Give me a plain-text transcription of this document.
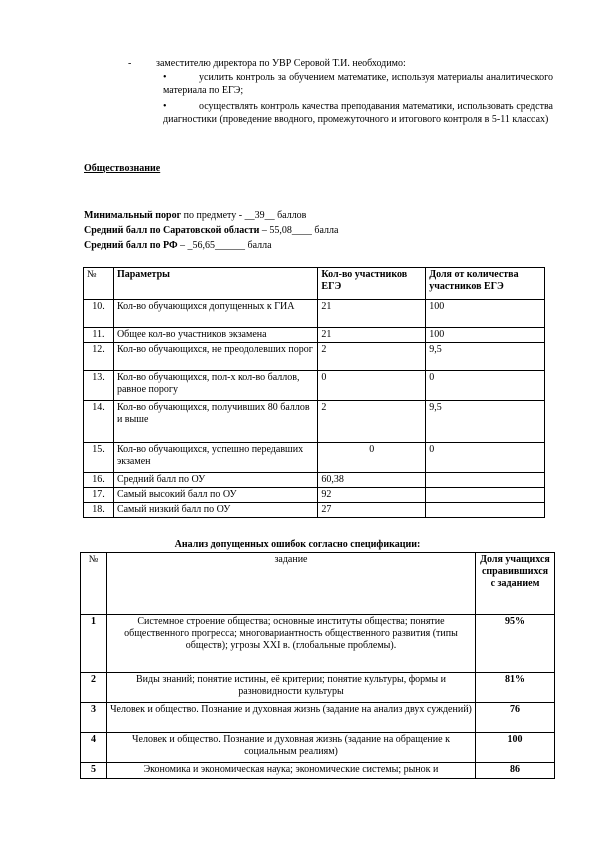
- заместителю директора по УВР Серовой Т.И. необходимо:
•	усилить контроль за обучением математике, используя материалы аналитического материала по ЕГЭ;
•	осуществлять контроль качества преподавания математики, использовать средства диагностики (проведение вводного, промежуточного и итогового контроля в 5-11 классах)
Обществознание
Минимальный порог по предмету - __39__ баллов
Средний балл по Саратовской области – 55,08____ балла
Средний балл по РФ – _56,65______ балла
№	Параметры	Кол-во участников ЕГЭ	Доля от количества участников ЕГЭ
10.	Кол-во обучающихся допущенных к ГИА	21	100
11.	Общее кол-во участников экзамена	21	100
12.	Кол-во обучающихся, не преодолевших порог	2	9,5
13.	Кол-во обучающихся, пол-х кол-во баллов, равное порогу	0	0
14.	Кол-во обучающихся, получивших 80 баллов и выше	2	9,5
15.	Кол-во обучающихся, успешно передавших экзамен	0	0
16.	Средний балл по ОУ	60,38	
17.	Самый высокий балл по ОУ	92	
18.	Самый низкий балл по ОУ	27	
Анализ допущенных ошибок согласно спецификации:
№	задание	Доля учащихся справившихся с заданием
1	Системное строение общества; основные институты общества; понятие общественного прогресса; многовариантность общественного развития (типы обществ); угрозы XXI в. (глобальные проблемы).	95%
2	Виды знаний; понятие истины, её критерии; понятие культуры, формы и разновидности культуры	81%
3	Человек и общество. Познание и духовная жизнь (задание на анализ двух суждений)	76
4	Человек и общество. Познание и духовная жизнь (задание на обращение к социальным реалиям)	100
5	Экономика и экономическая наука; экономические системы; рынок и	86
